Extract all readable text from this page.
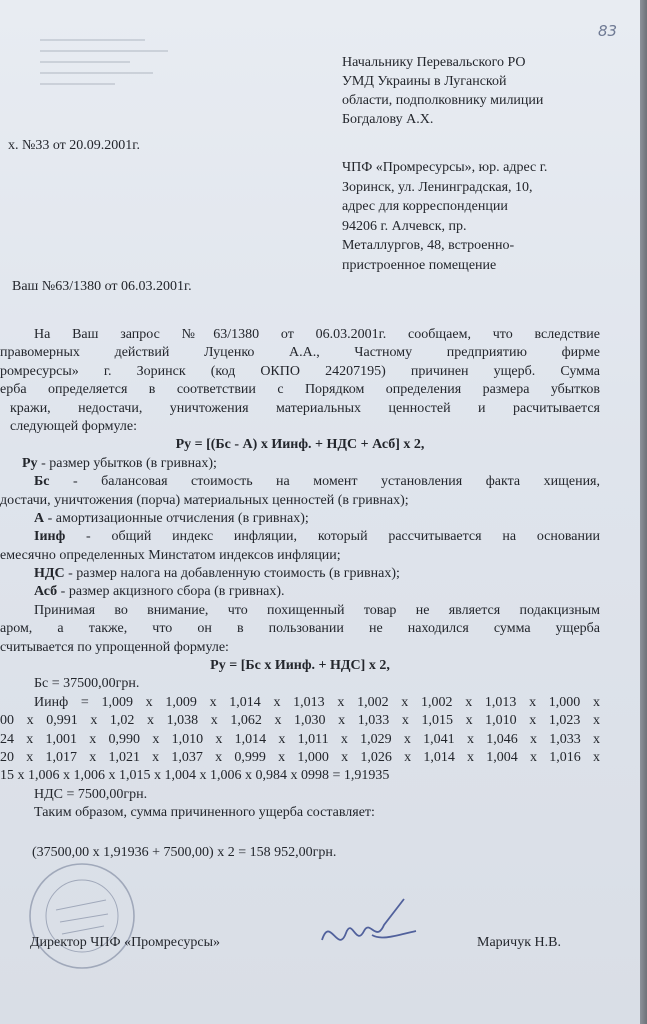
83
Начальнику Перевальского РО
УМД Украины в Луганской
области, подполковнику милиции
Богдалову А.Х.
х. №33 от 20.09.2001г.
ЧПФ «Промресурсы», юр. адрес г.
Зоринск, ул. Ленинградская, 10,
адрес для корреспонденции
94206 г. Алчевск, пр.
Металлургов, 48, встроенно-
пристроенное помещение
Ваш №63/1380 от 06.03.2001г.
На Ваш запрос №63/1380 от 06.03.2001г. сообщаем, что вследствие
правомерных действий Луценко А.А., Частному предприятию фирме
ромресурсы» г. Зоринск (код ОКПО 24207195) причинен ущерб. Сумма
ерба определяется в соответствии с Порядком определения размера убытков
кражи, недостачи, уничтожения материальных ценностей и расчитывается
следующей формуле:
Ру = [(Бс - А) х Иинф. + НДС + Асб] х 2,
Ру - размер убытков (в гривнах);
Бс - балансовая стоимость на момент установления факта хищения,
достачи, уничтожения (порча) материальных ценностей (в гривнах);
А - амортизационные отчисления (в гривнах);
Іинф - общий индекс инфляции, который рассчитывается на основании
емесячно определенных Минстатом индексов инфляции;
НДС - размер налога на добавленную стоимость (в гривнах);
Асб - размер акцизного сбора (в гривнах).
Принимая во внимание, что похищенный товар не является подакцизным
аром, а также, что он в пользовании не находился сумма ущерба
считывается по упрощенной формуле:
Ру = [Бс х Иинф. + НДС] х 2,
Бс = 37500,00грн.
Иинф = 1,009 х 1,009 х 1,014 х 1,013 х 1,002 х 1,002 х 1,013 х 1,000 х
00 х 0,991 х 1,02 х 1,038 х 1,062 х 1,030 х 1,033 х 1,015 х 1,010 х 1,023 х
24 х 1,001 х 0,990 х 1,010 х 1,014 х 1,011 х 1,029 х 1,041 х 1,046 х 1,033 х
20 х 1,017 х 1,021 х 1,037 х 0,999 х 1,000 х 1,026 х 1,014 х 1,004 х 1,016 х
15 х 1,006 х 1,006 х 1,015 х 1,004 х 1,006 х 0,984 х 0998 = 1,91935
НДС = 7500,00грн.
Таким образом, сумма причиненного ущерба составляет:
(37500,00 х 1,91936 + 7500,00) х 2 = 158 952,00грн.
Директор ЧПФ «Промресурсы»	Маричук Н.В.
